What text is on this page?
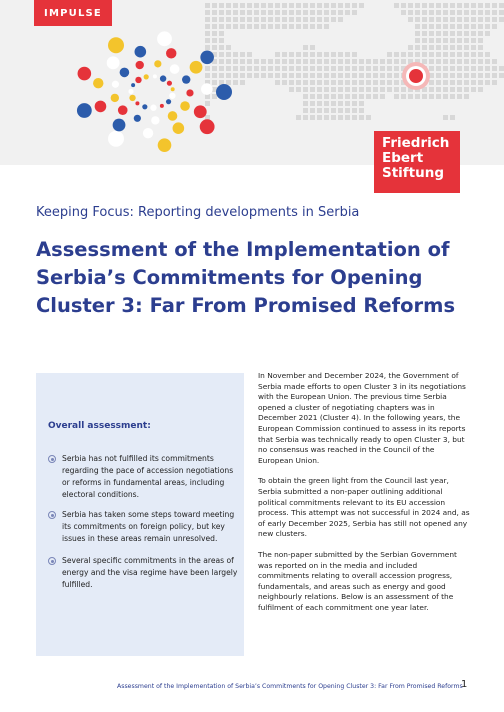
IMPULSE
Friedrich
Ebert
Stiftung
Keeping Focus: Reporting developments in Serbia
Assessment of the Implementation of Serbia’s Commitments for Opening Cluster 3: Far From Promised Reforms
Overall assessment:
Serbia has not fulfilled its commitments regarding the pace of accession negotiations or reforms in fundamental areas, including electoral conditions.
Serbia has taken some steps toward meeting its commitments on foreign policy, but key issues in these areas remain unresolved.
Several specific commitments in the areas of energy and the visa regime have been largely fulfilled.

In November and December 2024, the Government of Serbia made efforts to open Cluster 3 in its negotiations with the European Union. The previous time Serbia opened a cluster of negotiating chapters was in December 2021 (Cluster 4). In the following years, the European Commission continued to assess in its reports that Serbia was technically ready to open Cluster 3, but no consensus was reached in the Council of the European Union.

To obtain the green light from the Council last year, Serbia submitted a non-paper outlining additional political commitments relevant to its EU accession process. This attempt was not successful in 2024 and, as of early December 2025, Serbia has still not opened any new clusters.

The non-paper submitted by the Serbian Government was reported on in the media and included commitments relating to overall accession progress, fundamentals, and areas such as energy and good neighbourly relations. Below is an assessment of the fulfilment of each commitment one year later.

Assessment of the Implementation of Serbia’s Commitments for Opening Cluster 3: Far From Promised Reforms
1
